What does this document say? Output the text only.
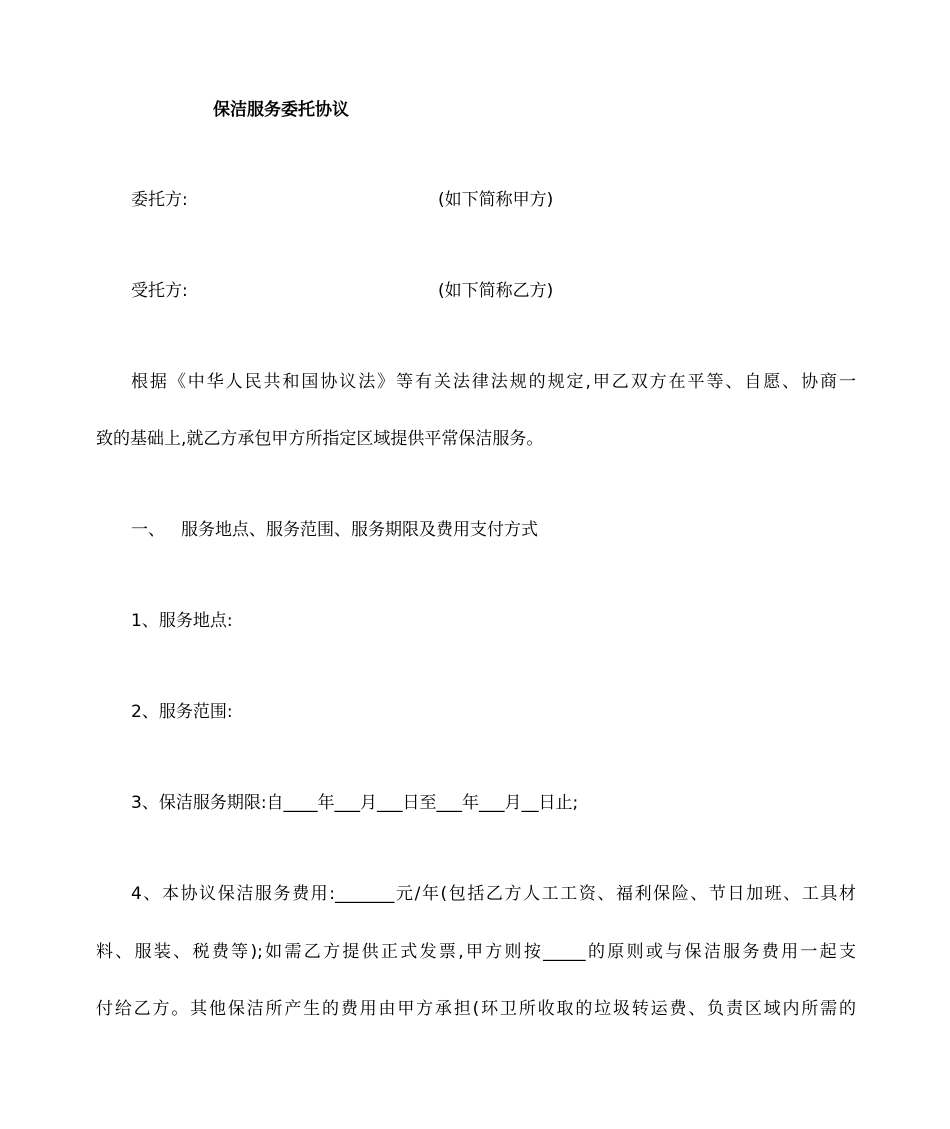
保洁服务委托协议
委托方:	(如下简称甲方)
受托方:	(如下简称乙方)
根据《中华人民共和国协议法》等有关法律法规的规定,甲乙双方在平等、自愿、协商一
致的基础上,就乙方承包甲方所指定区域提供平常保洁服务。
一、 服务地点、服务范围、服务期限及费用支付方式
1、服务地点:
2、服务范围:
3、保洁服务期限:自____年___月___日至___年___月__日止;
4、本协议保洁服务费用:_______元/年(包括乙方人工工资、福利保险、节日加班、工具材
料、服装、税费等);如需乙方提供正式发票,甲方则按_____的原则或与保洁服务费用一起支
付给乙方。其他保洁所产生的费用由甲方承担(环卫所收取的垃圾转运费、负责区域内所需的
